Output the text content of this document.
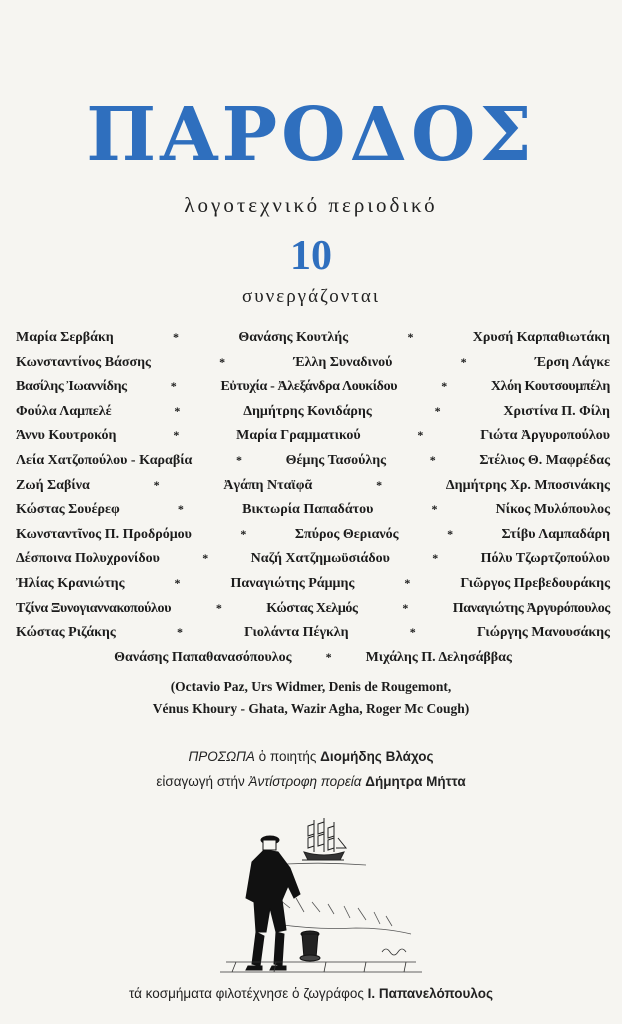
ΠΑΡΟΔΟΣ
λογοτεχνικό περιοδικό
10
συνεργάζονται
Μαρία Σερβάκη	*	Θανάσης Κουτλής	*	Χρυσή Καρπαθιωτάκη
Κωνσταντίνος Βάσσης	*	Έλλη Συναδινού	*	Έρση Λάγκε
Βασίλης Ἰωαννίδης	*	Εὐτυχία - Ἀλεξάνδρα Λουκίδου	*	Χλόη Κουτσουμπέλη
Φούλα Λαμπελέ	*	Δημήτρης Κονιδάρης	*	Χριστίνα Π. Φίλη
Άννυ Κουτροκόη	*	Μαρία Γραμματικού	*	Γιώτα Ἀργυροπούλου
Λεία Χατζοπούλου - Καραβία	*	Θέμης Τασούλης	*	Στέλιος Θ. Μαφρέδας
Ζωή Σαβίνα	*	Ἀγάπη Νταϊφᾶ	*	Δημήτρης Χρ. Μποσινάκης
Κώστας Σουέρεφ	*	Βικτωρία Παπαδάτου	*	Νίκος Μυλόπουλος
Κωνσταντῖνος Π. Προδρόμου	*	Σπύρος Θεριανός	*	Στίβυ Λαμπαδάρη
Δέσποινα Πολυχρονίδου	*	Ναζή Χατζημωϋσιάδου	*	Πόλυ Τζωρτζοπούλου
Ἠλίας Κρανιώτης	*	Παναγιώτης Ράμμης	*	Γιῶργος Πρεβεδουράκης
Τζίνα Ξυνογιαννακοπούλου	*	Κώστας Χελμός	*	Παναγιώτης Ἀργυρόπουλος
Κώστας Ριζάκης	*	Γιολάντα Πέγκλη	*	Γιώργης Μανουσάκης
Θανάσης Παπαθανασόπουλος	* Μιχάλης Π. Δελησάββας
(Octavio Paz, Urs Widmer, Denis de Rougemont,
Vénus Khoury - Ghata, Wazir Agha, Roger Mc Cough)
ΠΡΟΣΩΠΑ ὁ ποιητής Διομήδης Βλάχος
εἰσαγωγή στήν Ἀντίστροφη πορεία Δήμητρα Μήττα
τά κοσμήματα φιλοτέχνησε ὁ ζωγράφος Ι. Παπανελόπουλος
